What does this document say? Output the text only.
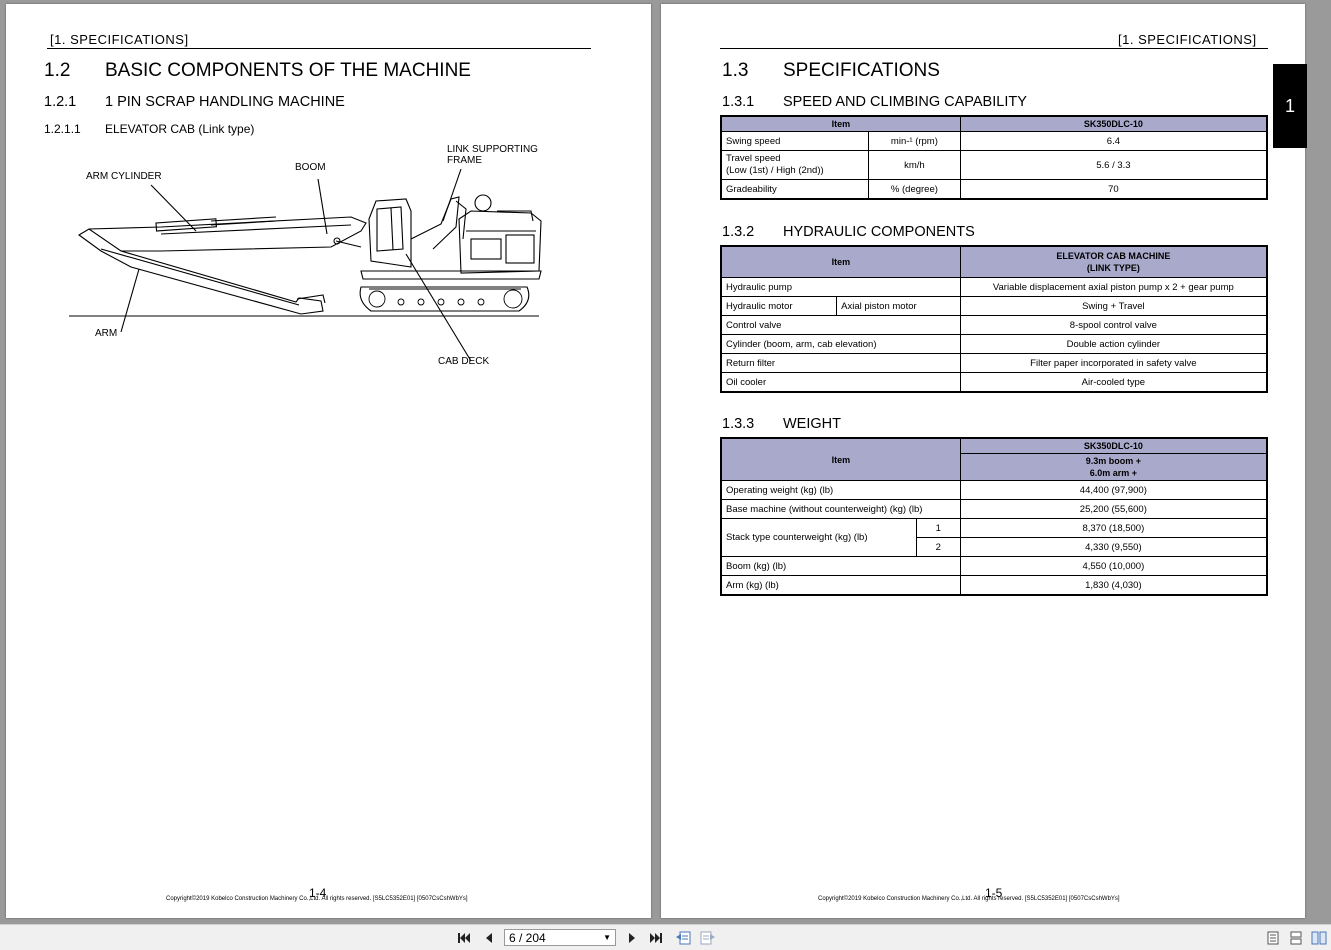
[1. SPECIFICATIONS]
1.2 BASIC COMPONENTS OF THE MACHINE
1.2.1 1 PIN SCRAP HANDLING MACHINE
1.2.1.1 ELEVATOR CAB (Link type)
ARM CYLINDER
BOOM
LINK SUPPORTING
FRAME
ARM
CAB DECK
1-4
Copyright©2019 Kobelco Construction Machinery Co.,Ltd. All rights reserved. [S5LC5352E01] [0507CsCshWbYs]
[1. SPECIFICATIONS]
1.3 SPECIFICATIONS
1.3.1 SPEED AND CLIMBING CAPABILITY
Item		SK350DLC-10
Swing speed	min-¹ (rpm)	6.4
Travel speed
(Low (1st) / High (2nd))	km/h	5.6 / 3.3
Gradeability	% (degree)	70
1.3.2 HYDRAULIC COMPONENTS
Item		ELEVATOR CAB MACHINE
(LINK TYPE)
Hydraulic pump		Variable displacement axial piston pump x 2 + gear pump
Hydraulic motor	Axial piston motor	Swing + Travel
Control valve		8-spool control valve
Cylinder (boom, arm, cab elevation)		Double action cylinder
Return filter		Filter paper incorporated in safety valve
Oil cooler		Air-cooled type
1.3.3 WEIGHT
Item		SK350DLC-10
		9.3m boom +
6.0m arm +
Operating weight (kg) (lb)		44,400 (97,900)
Base machine (without counterweight) (kg) (lb)		25,200 (55,600)
Stack type counterweight (kg) (lb)	1	8,370 (18,500)
	2	4,330 (9,550)
Boom (kg) (lb)		4,550 (10,000)
Arm (kg) (lb)		1,830 (4,030)
1-5
Copyright©2019 Kobelco Construction Machinery Co.,Ltd. All rights reserved. [S5LC5352E01] [0507CsCshWbYs]
1
6 / 204	▼
